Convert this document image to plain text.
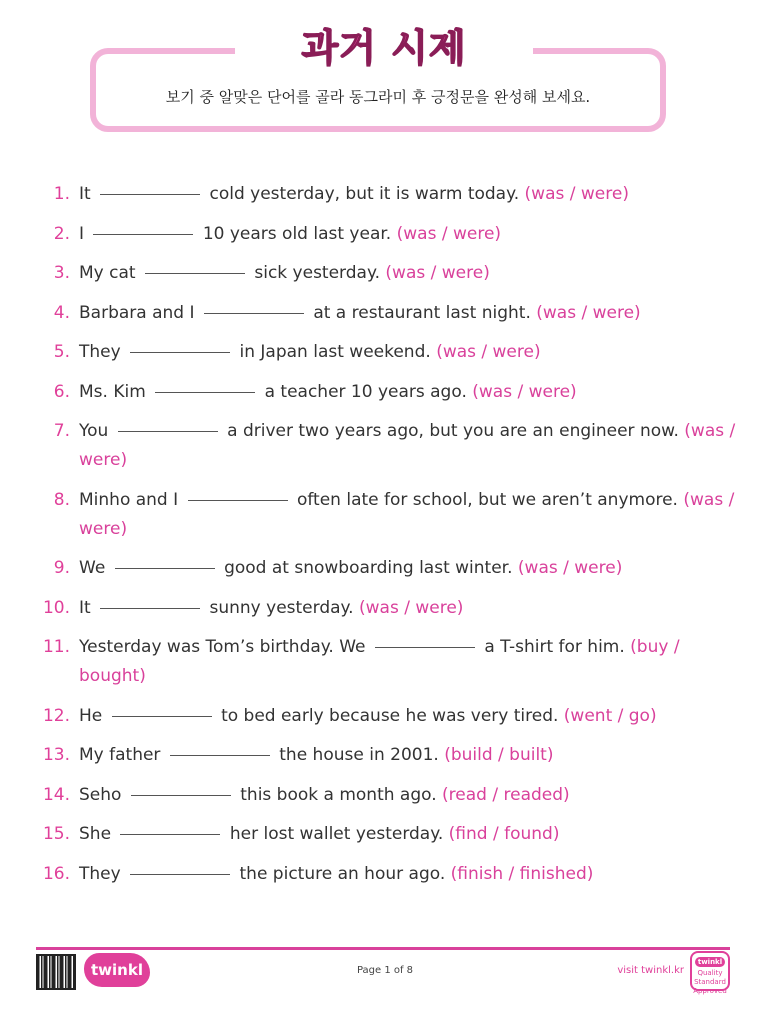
과거 시제
보기 중 알맞은 단어를 골라 동그라미 후 긍정문을 완성해 보세요.
1. It	cold yesterday, but it is warm today. (was / were)
2. I	10 years old last year. (was / were)
3. My cat	sick yesterday. (was / were)
4. Barbara and I	at a restaurant last night. (was / were)
5. They	in Japan last weekend. (was / were)
6. Ms. Kim	a teacher 10 years ago. (was / were)
7. You	a driver two years ago, but you are an engineer now. (was / were)
8. Minho and I	often late for school, but we aren’t anymore. (was / were)
9. We	good at snowboarding last winter. (was / were)
10. It	sunny yesterday. (was / were)
11. Yesterday was Tom’s birthday. We	a T-shirt for him. (buy / bought)
12. He	to bed early because he was very tired. (went / go)
13. My father	the house in 2001. (build / built)
14. Seho	this book a month ago. (read / readed)
15. She	her lost wallet yesterday. (find / found)
16. They	the picture an hour ago. (finish / finished)
twinkl	Page 1 of 8	visit twinkl.kr
twinkl
Quality Standard Approved
